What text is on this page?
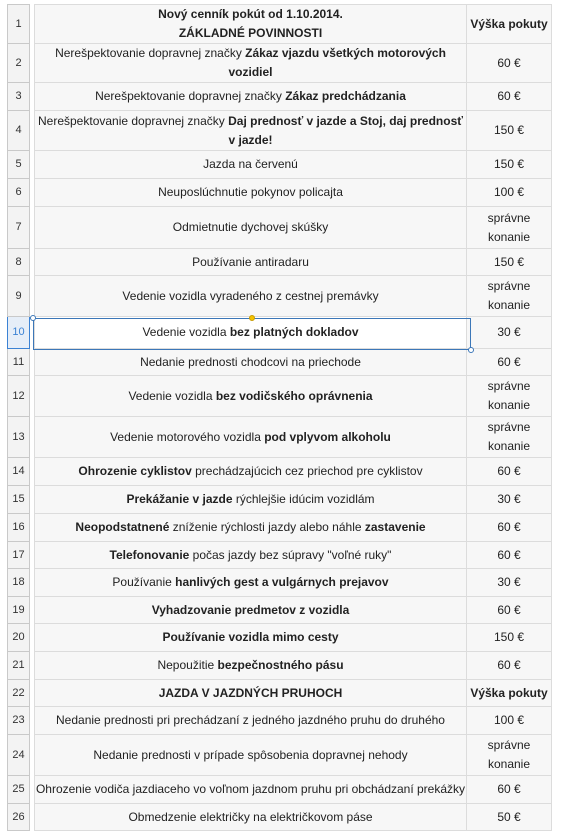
1		Nový cenník pokút od 1.10.2014.
ZÁKLADNÉ POVINNOSTI	Výška pokuty
2		Nerešpektovanie dopravnej značky Zákaz vjazdu všetkých motorových vozidiel	60 €
3		Nerešpektovanie dopravnej značky Zákaz predchádzania	60 €
4		Nerešpektovanie dopravnej značky Daj prednosť v jazde a Stoj, daj prednosť v jazde!	150 €
5		Jazda na červenú	150 €
6		Neuposlúchnutie pokynov policajta	100 €
7		Odmietnutie dychovej skúšky	správne
konanie
8		Používanie antiradaru	150 €
9		Vedenie vozidla vyradeného z cestnej premávky	správne
konanie
10		Vedenie vozidla bez platných dokladov	30 €
11		Nedanie prednosti chodcovi na priechode	60 €
12		Vedenie vozidla bez vodičského oprávnenia	správne
konanie
13		Vedenie motorového vozidla pod vplyvom alkoholu	správne
konanie
14		Ohrozenie cyklistov prechádzajúcich cez priechod pre cyklistov	60 €
15		Prekážanie v jazde rýchlejšie idúcim vozidlám	30 €
16		Neopodstatnené zníženie rýchlosti jazdy alebo náhle zastavenie	60 €
17		Telefonovanie počas jazdy bez súpravy "voľné ruky"	60 €
18		Používanie hanlivých gest a vulgárnych prejavov	30 €
19		Vyhadzovanie predmetov z vozidla	60 €
20		Používanie vozidla mimo cesty	150 €
21		Nepoužitie bezpečnostného pásu	60 €
22		JAZDA V JAZDNÝCH PRUHOCH	Výška pokuty
23		Nedanie prednosti pri prechádzaní z jedného jazdného pruhu do druhého	100 €
24		Nedanie prednosti v prípade spôsobenia dopravnej nehody	správne
konanie
25		Ohrozenie vodiča jazdiaceho vo voľnom jazdnom pruhu pri obchádzaní prekážky	60 €
26		Obmedzenie električky na električkovom páse	50 €
